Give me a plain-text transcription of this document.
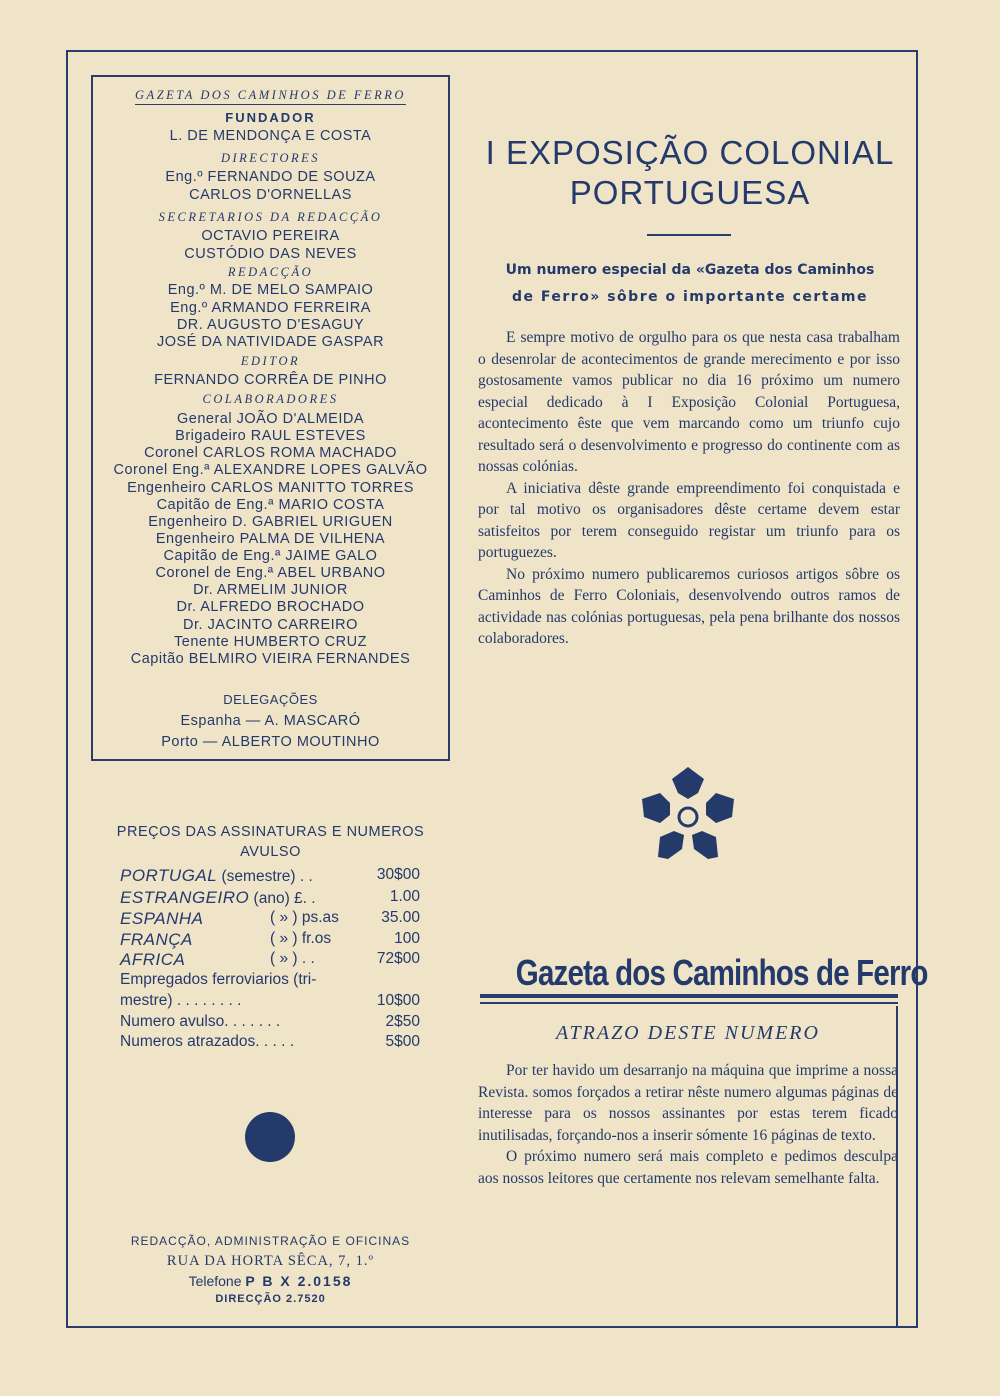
GAZETA DOS CAMINHOS DE FERRO
FUNDADOR
L. DE MENDONÇA E COSTA
DIRECTORES
Eng.º FERNANDO DE SOUZA
CARLOS D'ORNELLAS
SECRETARIOS DA REDACÇÃO
OCTAVIO PEREIRA
CUSTÓDIO DAS NEVES
REDACÇÃO
Eng.º M. DE MELO SAMPAIO
Eng.º ARMANDO FERREIRA
DR. AUGUSTO D'ESAGUY
JOSÉ DA NATIVIDADE GASPAR
EDITOR
FERNANDO CORRÊA DE PINHO
COLABORADORES
General JOÃO D'ALMEIDA
Brigadeiro RAUL ESTEVES
Coronel CARLOS ROMA MACHADO
Coronel Eng.ª ALEXANDRE LOPES GALVÃO
Engenheiro CARLOS MANITTO TORRES
Capitão de Eng.ª MARIO COSTA
Engenheiro D. GABRIEL URIGUEN
Engenheiro PALMA DE VILHENA
Capitão de Eng.ª JAIME GALO
Coronel de Eng.ª ABEL URBANO
Dr. ARMELIM JUNIOR
Dr. ALFREDO BROCHADO
Dr. JACINTO CARREIRO
Tenente HUMBERTO CRUZ
Capitão BELMIRO VIEIRA FERNANDES
DELEGAÇÕES
Espanha — A. MASCARÓ
Porto — ALBERTO MOUTINHO
PREÇOS DAS ASSINATURAS E NUMEROS
AVULSO
PORTUGAL (semestre) . .	30$00
ESTRANGEIRO (ano) £. .	1.00
ESPANHA	( » ) ps.as	35.00
FRANÇA	( » ) fr.os	100
AFRICA	( » ) . .	72$00
Empregados ferroviarios (tri-
mestre) . . . . . . . .	10$00
Numero avulso. . . . . . .	2$50
Numeros atrazados. . . . .	5$00
REDACÇÃO, ADMINISTRAÇÃO E OFICINAS
RUA DA HORTA SÊCA, 7, 1.º
Telefone P B X 2.0158
DIRECÇÃO 2.7520
I EXPOSIÇÃO COLONIAL
PORTUGUESA
Um numero especial da «Gazeta dos Caminhos
de Ferro» sôbre o importante certame

E sempre motivo de orgulho para os que nesta casa trabalham o desenrolar de acontecimentos de grande merecimento e por isso gostosamente vamos publicar no dia 16 próximo um numero especial dedicado à I Exposição Colonial Portuguesa, acontecimento êste que vem marcando como um triunfo cujo resultado será o desenvolvimento e progresso do continente com as nossas colónias.

A iniciativa dêste grande empreendimento foi conquistada e por tal motivo os organisadores dêste certame devem estar satisfeitos por terem conseguido registar um triunfo para os portuguezes.

No próximo numero publicaremos curiosos artigos sôbre os Caminhos de Ferro Coloniais, desenvolvendo outros ramos de actividade nas colónias portuguesas, pela pena brilhante dos nossos colaboradores.

Gazeta dos Caminhos de Ferro
ATRAZO DESTE NUMERO

Por ter havido um desarranjo na máquina que imprime a nossa Revista. somos forçados a retirar nêste numero algumas páginas de interesse para os nossos assinantes por estas terem ficado inutilisadas, forçando-nos a inserir sómente 16 páginas de texto.

O próximo numero será mais completo e pedimos desculpa aos nossos leitores que certamente nos relevam semelhante falta.
